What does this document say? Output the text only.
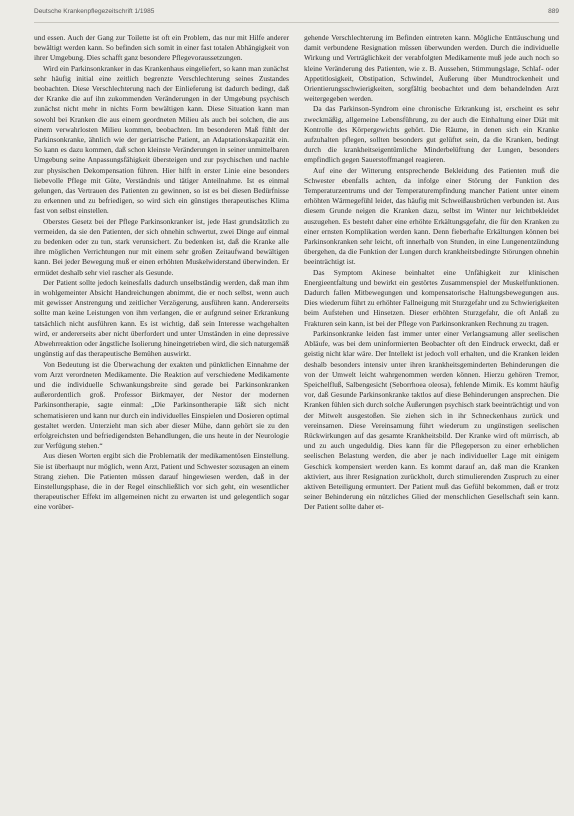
Deutsche Krankenpflegezeitschrift 1/1985	889

und essen. Auch der Gang zur Toilette ist oft ein Problem, das nur mit Hilfe anderer bewältigt werden kann. So befinden sich somit in einer fast totalen Abhängigkeit von ihrer Umgebung. Dies schafft ganz besondere Pflegevoraussetzungen.

Wird ein Parkinsonkranker in das Krankenhaus eingeliefert, so kann man zunächst sehr häufig initial eine zeitlich begrenzte Verschlechterung seines Zustandes beobachten. Diese Verschlechterung nach der Einlieferung ist dadurch bedingt, daß der Kranke die auf ihn zukommenden Veränderungen in der Umgebung psychisch zunächst nicht mehr in nichts Form bewältigen kann. Diese Situation kann man sowohl bei Kranken die aus einem geordneten Milieu als auch bei solchen, die aus einem verwahrlosten Milieu kommen, beobachten. Im besonderen Maß fühlt der Parkinsonkranke, ähnlich wie der geriatrische Patient, an Adaptationskapazität ein. So kann es dazu kommen, daß schon kleinste Veränderungen in seiner unmittelbaren Umgebung seine Anpassungsfähigkeit übersteigen und zur psychischen und nachle zur physischen Dekompensation führen. Hier hilft in erster Linie eine besonders liebevolle Pflege mit Güte, Verständnis und tätiger Anteilnahme. Ist es einmal gelungen, das Vertrauen des Patienten zu gewinnen, so ist es bei diesen Bedürfnisse zu erkennen und zu befriedigen, so wird sich ein günstiges therapeutisches Klima fast von selbst einstellen.

Oberstes Gesetz bei der Pflege Parkinsonkranker ist, jede Hast grundsätzlich zu vermeiden, da sie den Patienten, der sich ohnehin schwertut, zwei Dinge auf einmal zu bedenken oder zu tun, stark verunsichert. Zu bedenken ist, daß die Kranke alle ihre möglichen Verrichtungen nur mit einem sehr großen Zeitaufwand bewältigen kann. Bei jeder Bewegung muß er einen erhöhten Muskelwiderstand überwinden. Er ermüdet deshalb sehr viel rascher als Gesunde.

Der Patient sollte jedoch keinesfalls dadurch unselbständig werden, daß man ihm in wohlgemeinter Absicht Handreichungen abnimmt, die er noch selbst, wenn auch mit gewisser Anstrengung und zeitlicher Verzögerung, ausführen kann. Andererseits sollte man keine Leistungen von ihm verlangen, die er aufgrund seiner Erkrankung tatsächlich nicht ausführen kann. Es ist wichtig, daß sein Interesse wachgehalten wird, er andererseits aber nicht überfordert und unter Umständen in eine depressive Abwehrreaktion oder ängstliche Isolierung hineingetrieben wird, die sich naturgemäß ungünstig auf das therapeutische Bemühen auswirkt.

Von Bedeutung ist die Überwachung der exakten und pünktlichen Einnahme der vom Arzt verordneten Medikamente. Die Reaktion auf verschiedene Medikamente und die individuelle Schwankungsbreite sind gerade bei Parkinsonkranken außerordentlich groß. Professor Birkmayer, der Nestor der modernen Parkinsontherapie, sagte einmal: „Die Parkinsontherapie läßt sich nicht schematisieren und kann nur durch ein individuelles Einspielen und Dosieren optimal gestaltet werden. Unterzieht man sich aber dieser Mühe, dann gehört sie zu den erfolgreichsten und befriedigendsten Behandlungen, die uns heute in der Neurologie zur Verfügung stehen.“

Aus diesen Worten ergibt sich die Problematik der medikamentösen Einstellung. Sie ist überhaupt nur möglich, wenn Arzt, Patient und Schwester sozusagen an einem Strang ziehen. Die Patienten müssen darauf hingewiesen werden, daß in der Einstellungsphase, die in der Regel einschließlich vor sich geht, ein wesentlicher therapeutischer Effekt im allgemeinen nicht zu erwarten ist und gelegentlich sogar eine vorüber-

gehende Verschlechterung im Befinden eintreten kann. Mögliche Enttäuschung und damit verbundene Resignation müssen überwunden werden. Durch die individuelle Wirkung und Verträglichkeit der verabfolgten Medikamente muß jede auch noch so kleine Veränderung des Patienten, wie z. B. Aussehen, Stimmungslage, Schlaf- oder Appetitlosigkeit, Obstipation, Schwindel, Äußerung über Mundtrockenheit und Orientierungsschwierigkeiten, sorgfältig beobachtet und dem behandelnden Arzt weitergegeben werden.

Da das Parkinson-Syndrom eine chronische Erkrankung ist, erscheint es sehr zweckmäßig, allgemeine Lebensführung, zu der auch die Einhaltung einer Diät mit Kontrolle des Körpergewichts gehört. Die Räume, in denen sich ein Kranke aufzuhalten pflegen, sollten besonders gut gelüftet sein, da die Kranken, bedingt durch die krankheitseigentümliche Minderbelüftung der Lungen, besonders empfindlich gegen Sauerstoffmangel reagieren.

Auf eine der Witterung entsprechende Bekleidung des Patienten muß die Schwester ebenfalls achten, da infolge einer Störung der Funktion des Temperaturzentrums und der Temperaturempfindung mancher Patient unter einem erhöhten Wärmegefühl leidet, das häufig mit Schweißausbrüchen verbunden ist. Aus diesem Grunde neigen die Kranken dazu, selbst im Winter nur leichtbekleidet auszugehen. Es besteht daher eine erhöhte Erkältungsgefahr, die für den Kranken zu einer ernsten Komplikation werden kann. Denn fieberhafte Erkältungen können bei Parkinsonkranken sehr leicht, oft innerhalb von Stunden, in eine Lungenentzündung übergehen, da die Funktion der Lungen durch krankheitsbedingte Störungen ohnehin beeinträchtigt ist.

Das Symptom Akinese beinhaltet eine Unfähigkeit zur klinischen Energieentfaltung und bewirkt ein gestörtes Zusammenspiel der Muskelfunktionen. Dadurch fallen Mitbewegungen und kompensatorische Haltungsbewegungen aus. Dies wiederum führt zu erhöhter Fallneigung mit Sturzgefahr und zu Schwierigkeiten beim Aufstehen und Hinsetzen. Dieser erhöhten Sturzgefahr, die oft Anlaß zu Frakturen sein kann, ist bei der Pflege von Parkinsonkranken Rechnung zu tragen.

Parkinsonkranke leiden fast immer unter einer Verlangsamung aller seelischen Abläufe, was bei dem uninformierten Beobachter oft den Eindruck erweckt, daß er geistig nicht klar wäre. Der Intellekt ist jedoch voll erhalten, und die Kranken leiden deshalb besonders intensiv unter ihren krankheitsgeminderten Behinderungen die von der Umwelt leicht wahrgenommen werden können. Hierzu gehören Tremor, Speichelfluß, Salbengesicht (Seborrhoea oleosa), fehlende Mimik. Es kommt häufig vor, daß Gesunde Parkinsonkranke taktlos auf diese Behinderungen ansprechen. Die Kranken fühlen sich durch solche Äußerungen psychisch stark beeinträchtigt und von der Mitwelt ausgestoßen. Sie ziehen sich in ihr Schneckenhaus zurück und vereinsamen. Diese Vereinsamung führt wiederum zu ungünstigen seelischen Rückwirkungen auf das gesamte Krankheitsbild. Der Kranke wird oft mürrisch, ab und zu auch ungeduldig. Dies kann für die Pflegeperson zu einer erheblichen seelischen Belastung werden, die aber je nach individueller Lage mit einigem Geschick kompensiert werden kann. Es kommt darauf an, daß man die Kranken aktiviert, aus ihrer Resignation zurückholt, durch stimulierenden Zuspruch zu einer aktiven Beteiligung ermuntert. Der Patient muß das Gefühl bekommen, daß er trotz seiner Behinderung ein nützliches Glied der menschlichen Gesellschaft sein kann. Der Patient sollte daher et-
